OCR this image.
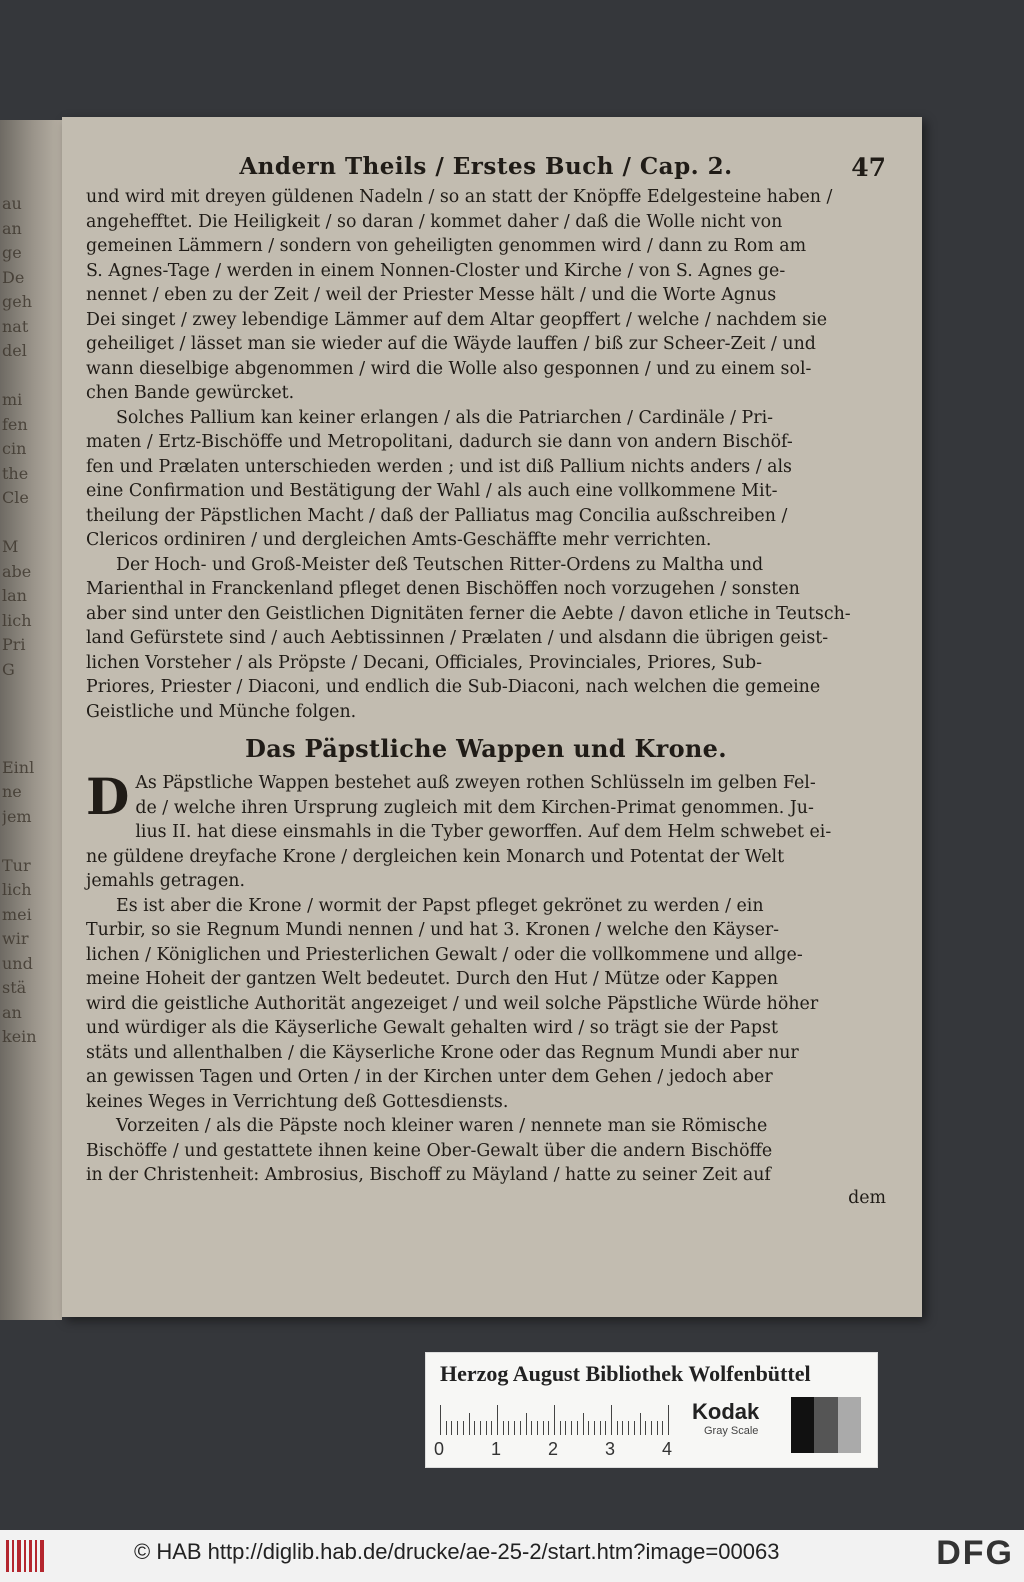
au
an
ge
De
geh
nat
del

mi
fen
cin
the
Cle

M
abe
lan
lich
Pri
G

Einl
ne
jem

Tur
lich
mei
wir
und
stä
an
kein
Andern Theils / Erstes Buch / Cap. 2.	47

und wird mit dreyen güldenen Nadeln / so an statt der Knöpffe Edelgesteine haben /

angehefftet. Die Heiligkeit / so daran / kommet daher / daß die Wolle nicht von

gemeinen Lämmern / sondern von geheiligten genommen wird / dann zu Rom am

S. Agnes-Tage / werden in einem Nonnen-Closter und Kirche / von S. Agnes ge-

nennet / eben zu der Zeit / weil der Priester Messe hält / und die Worte Agnus

Dei singet / zwey lebendige Lämmer auf dem Altar geopffert / welche / nachdem sie

geheiliget / lässet man sie wieder auf die Wäyde lauffen / biß zur Scheer-Zeit / und

wann dieselbige abgenommen / wird die Wolle also gesponnen / und zu einem sol-

chen Bande gewürcket.

Solches Pallium kan keiner erlangen / als die Patriarchen / Cardinäle / Pri-

maten / Ertz-Bischöffe und Metropolitani, dadurch sie dann von andern Bischöf-

fen und Prælaten unterschieden werden ; und ist diß Pallium nichts anders / als

eine Confirmation und Bestätigung der Wahl / als auch eine vollkommene Mit-

theilung der Päpstlichen Macht / daß der Palliatus mag Concilia außschreiben /

Clericos ordiniren / und dergleichen Amts-Geschäffte mehr verrichten.

Der Hoch- und Groß-Meister deß Teutschen Ritter-Ordens zu Maltha und

Marienthal in Franckenland pfleget denen Bischöffen noch vorzugehen / sonsten

aber sind unter den Geistlichen Dignitäten ferner die Aebte / davon etliche in Teutsch-

land Gefürstete sind / auch Aebtissinnen / Prælaten / und alsdann die übrigen geist-

lichen Vorsteher / als Pröpste / Decani, Officiales, Provinciales, Priores, Sub-

Priores, Priester / Diaconi, und endlich die Sub-Diaconi, nach welchen die gemeine

Geistliche und Münche folgen.

Das Päpstliche Wappen und Krone.
D As Päpstliche Wappen bestehet auß zweyen rothen Schlüsseln im gelben Fel-

de / welche ihren Ursprung zugleich mit dem Kirchen-Primat genommen. Ju-

lius II. hat diese einsmahls in die Tyber geworffen. Auf dem Helm schwebet ei-

ne güldene dreyfache Krone / dergleichen kein Monarch und Potentat der Welt

jemahls getragen.

Es ist aber die Krone / wormit der Papst pfleget gekrönet zu werden / ein

Turbir, so sie Regnum Mundi nennen / und hat 3. Kronen / welche den Käyser-

lichen / Königlichen und Priesterlichen Gewalt / oder die vollkommene und allge-

meine Hoheit der gantzen Welt bedeutet. Durch den Hut / Mütze oder Kappen

wird die geistliche Authorität angezeiget / und weil solche Päpstliche Würde höher

und würdiger als die Käyserliche Gewalt gehalten wird / so trägt sie der Papst

stäts und allenthalben / die Käyserliche Krone oder das Regnum Mundi aber nur

an gewissen Tagen und Orten / in der Kirchen unter dem Gehen / jedoch aber

keines Weges in Verrichtung deß Gottesdiensts.

Vorzeiten / als die Päpste noch kleiner waren / nennete man sie Römische

Bischöffe / und gestattete ihnen keine Ober-Gewalt über die andern Bischöffe

in der Christenheit: Ambrosius, Bischoff zu Mäyland / hatte zu seiner Zeit auf

dem
Herzog August Bibliothek Wolfenbüttel
0	1	2	3	4
Kodak
Gray Scale
© HAB http://diglib.hab.de/drucke/ae-25-2/start.htm?image=00063	DFG
